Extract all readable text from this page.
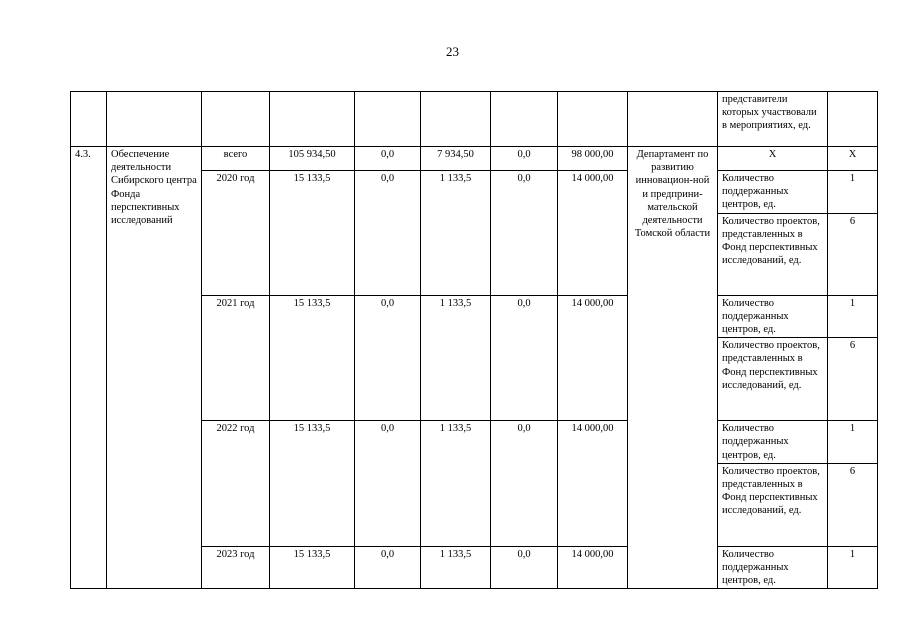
23
									представители которых участвовали в мероприятиях, ед.	
4.3.	Обеспечение деятельности Сибирского центра Фонда перспективных исследований	всего	105 934,50	0,0	7 934,50	0,0	98 000,00	Департамент по развитию инновацион-ной и предприни-мательской деятельности Томской области	Х	Х
		2020 год	15 133,5	0,0	1 133,5	0,0	14 000,00		Количество поддержанных центров, ед.	1
									Количество проектов, представленных в Фонд перспективных исследований, ед.	6
		2021 год	15 133,5	0,0	1 133,5	0,0	14 000,00		Количество поддержанных центров, ед.	1
									Количество проектов, представленных в Фонд перспективных исследований, ед.	6
		2022 год	15 133,5	0,0	1 133,5	0,0	14 000,00		Количество поддержанных центров, ед.	1
									Количество проектов, представленных в Фонд перспективных исследований, ед.	6
		2023 год	15 133,5	0,0	1 133,5	0,0	14 000,00		Количество поддержанных центров, ед.	1
